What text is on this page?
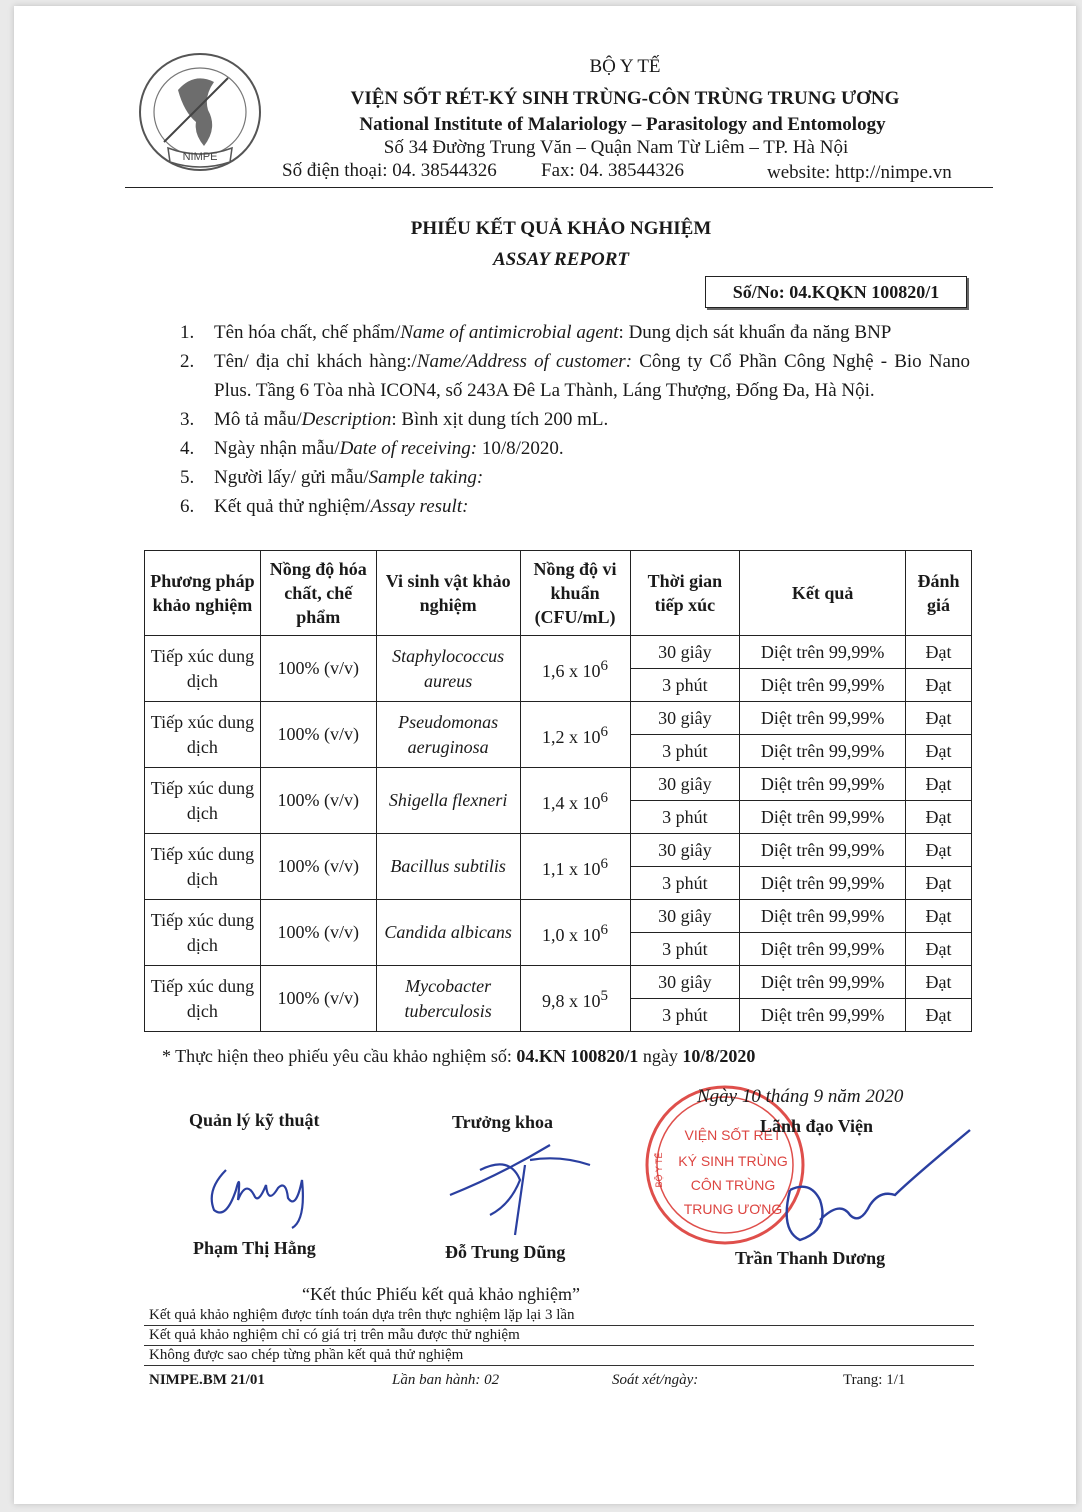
NIMPE
BỘ Y TẾ
VIỆN SỐT RÉT-KÝ SINH TRÙNG-CÔN TRÙNG TRUNG ƯƠNG
National Institute of Malariology – Parasitology and Entomology
Số 34 Đường Trung Văn – Quận Nam Từ Liêm – TP. Hà Nội
Số điện thoại: 04. 38544326 Fax: 04. 38544326	website: http://nimpe.vn
PHIẾU KẾT QUẢ KHẢO NGHIỆM
ASSAY REPORT
Số/No: 04.KQKN 100820/1
1.	Tên hóa chất, chế phẩm/Name of antimicrobial agent: Dung dịch sát khuẩn đa năng BNP
2.	Tên/ địa chỉ khách hàng:/Name/Address of customer: Công ty Cổ Phần Công Nghệ - Bio Nano Plus. Tầng 6 Tòa nhà ICON4, số 243A Đê La Thành, Láng Thượng, Đống Đa, Hà Nội.
3.	Mô tả mẫu/Description: Bình xịt dung tích 200 mL.
4.	Ngày nhận mẫu/Date of receiving: 10/8/2020.
5.	Người lấy/ gửi mẫu/Sample taking:
6.	Kết quả thử nghiệm/Assay result:
Phương pháp khảo nghiệm	Nồng độ hóa chất, chế phẩm	Vi sinh vật khảo nghiệm	Nồng độ vi khuẩn (CFU/mL)	Thời gian tiếp xúc	Kết quả	Đánh giá
Tiếp xúc dung dịch	100% (v/v)	Staphylococcus aureus	1,6 x $10^6$	30 giây	Diệt trên 99,99%	Đạt
				3 phút	Diệt trên 99,99%	Đạt
Tiếp xúc dung dịch	100% (v/v)	Pseudomonas aeruginosa	1,2 x $10^6$	30 giây	Diệt trên 99,99%	Đạt
				3 phút	Diệt trên 99,99%	Đạt
Tiếp xúc dung dịch	100% (v/v)	Shigella flexneri	1,4 x $10^6$	30 giây	Diệt trên 99,99%	Đạt
				3 phút	Diệt trên 99,99%	Đạt
Tiếp xúc dung dịch	100% (v/v)	Bacillus subtilis	1,1 x $10^6$	30 giây	Diệt trên 99,99%	Đạt
				3 phút	Diệt trên 99,99%	Đạt
Tiếp xúc dung dịch	100% (v/v)	Candida albicans	1,0 x $10^6$	30 giây	Diệt trên 99,99%	Đạt
				3 phút	Diệt trên 99,99%	Đạt
Tiếp xúc dung dịch	100% (v/v)	Mycobacter tuberculosis	9,8 x $10^5$	30 giây	Diệt trên 99,99%	Đạt
				3 phút	Diệt trên 99,99%	Đạt
* Thực hiện theo phiếu yêu cầu khảo nghiệm số: 04.KN 100820/1 ngày 10/8/2020
VIỆN SỐT RÉT
KÝ SINH TRÙNG
CÔN TRÙNG
TRUNG ƯƠNG
BỘ Y TẾ
Ngày 10 tháng 9 năm 2020
Quản lý kỹ thuật	Trưởng khoa	Lãnh đạo Viện
Phạm Thị Hằng	Đỗ Trung Dũng	Trần Thanh Dương
“Kết thúc Phiếu kết quả khảo nghiệm”
Kết quả khảo nghiệm được tính toán dựa trên thực nghiệm lặp lại 3 lần
Kết quả khảo nghiệm chỉ có giá trị trên mẫu được thử nghiệm
Không được sao chép từng phần kết quả thử nghiệm
NIMPE.BM 21/01	Lần ban hành: 02	Soát xét/ngày:	Trang: 1/1
